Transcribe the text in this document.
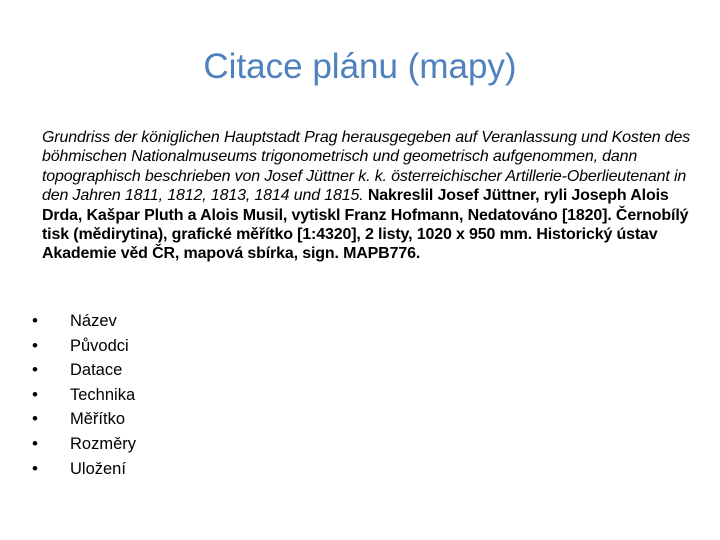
Citace plánu (mapy)

Grundriss der königlichen Hauptstadt Prag herausgegeben auf Veranlassung und Kosten des böhmischen Nationalmuseums trigonometrisch und geometrisch aufgenommen, dann topographisch beschrieben von Josef Jüttner k. k. österreichischer Artillerie-Oberlieutenant in den Jahren 1811, 1812, 1813, 1814 und 1815. Nakreslil Josef Jüttner, ryli Joseph Alois Drda, Kašpar Pluth a Alois Musil, vytiskl Franz Hofmann, Nedatováno [1820]. Černobílý tisk (mědirytina), grafické měřítko [1:4320], 2 listy, 1020 x 950 mm. Historický ústav Akademie věd ČR, mapová sbírka, sign. MAPB776.

• Název
• Původci
• Datace
• Technika
• Měřítko
• Rozměry
• Uložení
